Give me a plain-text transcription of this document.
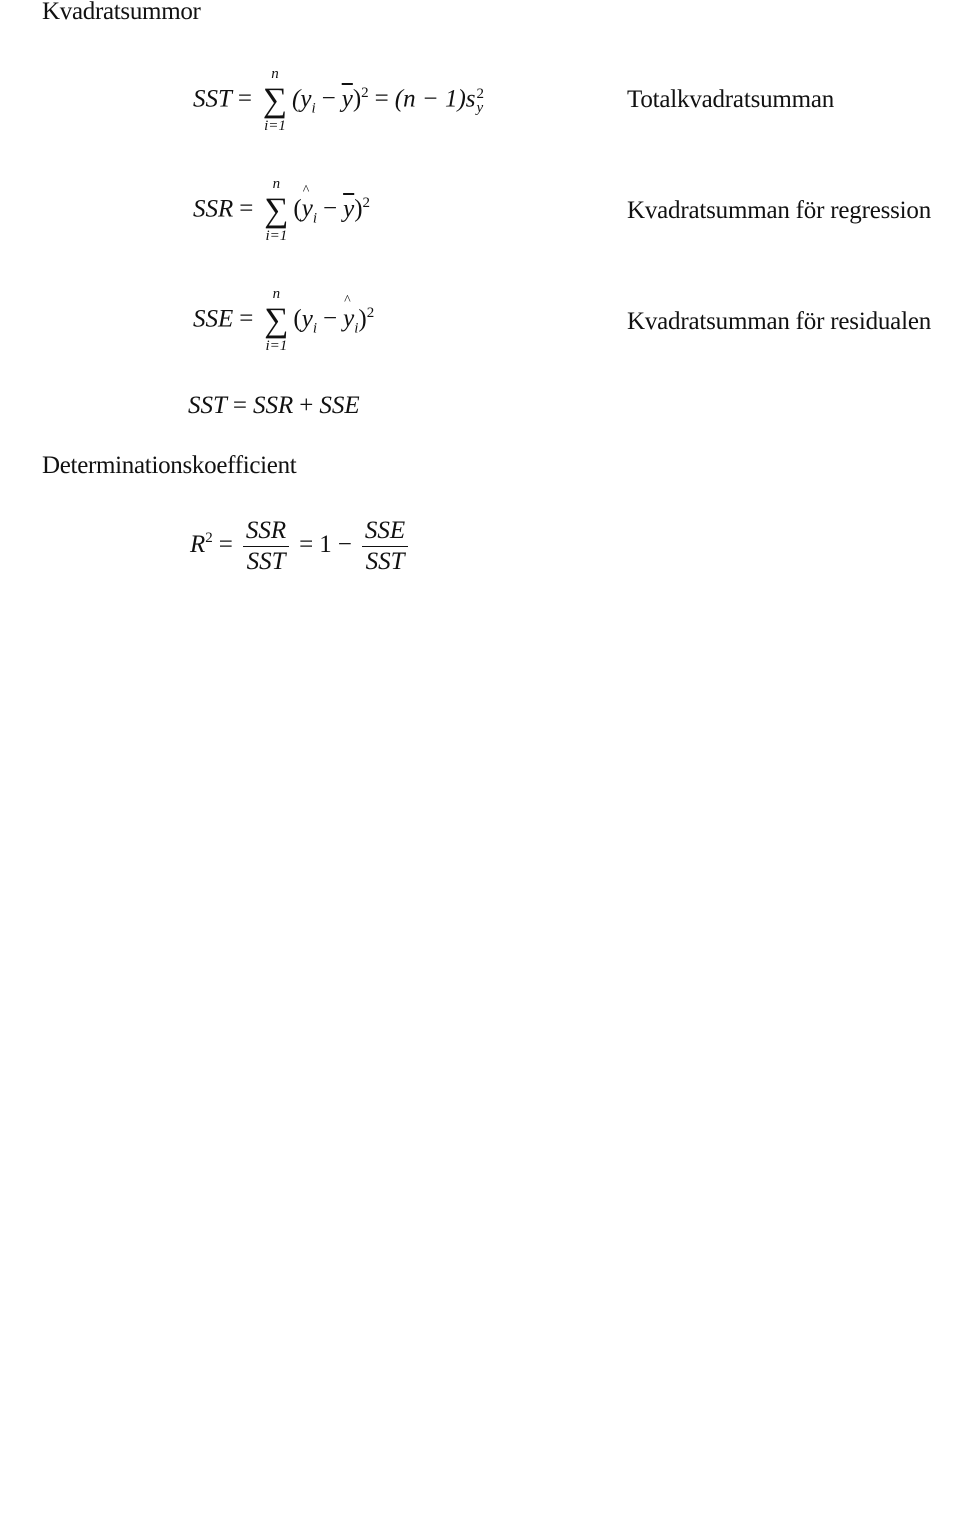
Kvadratsummor
SST =
n
∑
i=1
$(y_i - \overline{y})^2 = (n - 1)s$ 2
y	Totalkvadratsumman
SSR =
n
∑
i=1
(^ $y_i - \overline{y})^2$	Kvadratsumman för regression
SSE =
n
∑
i=1
($y_i$ − ^ $y_i)^2$	Kvadratsumman för residualen
SST = SSR + SSE
Determinationskoefficient
$R^2 = \frac{\text{SSR}}{\text{SST}} = 1 - \frac{\text{SSE}}{\text{SST}}$
